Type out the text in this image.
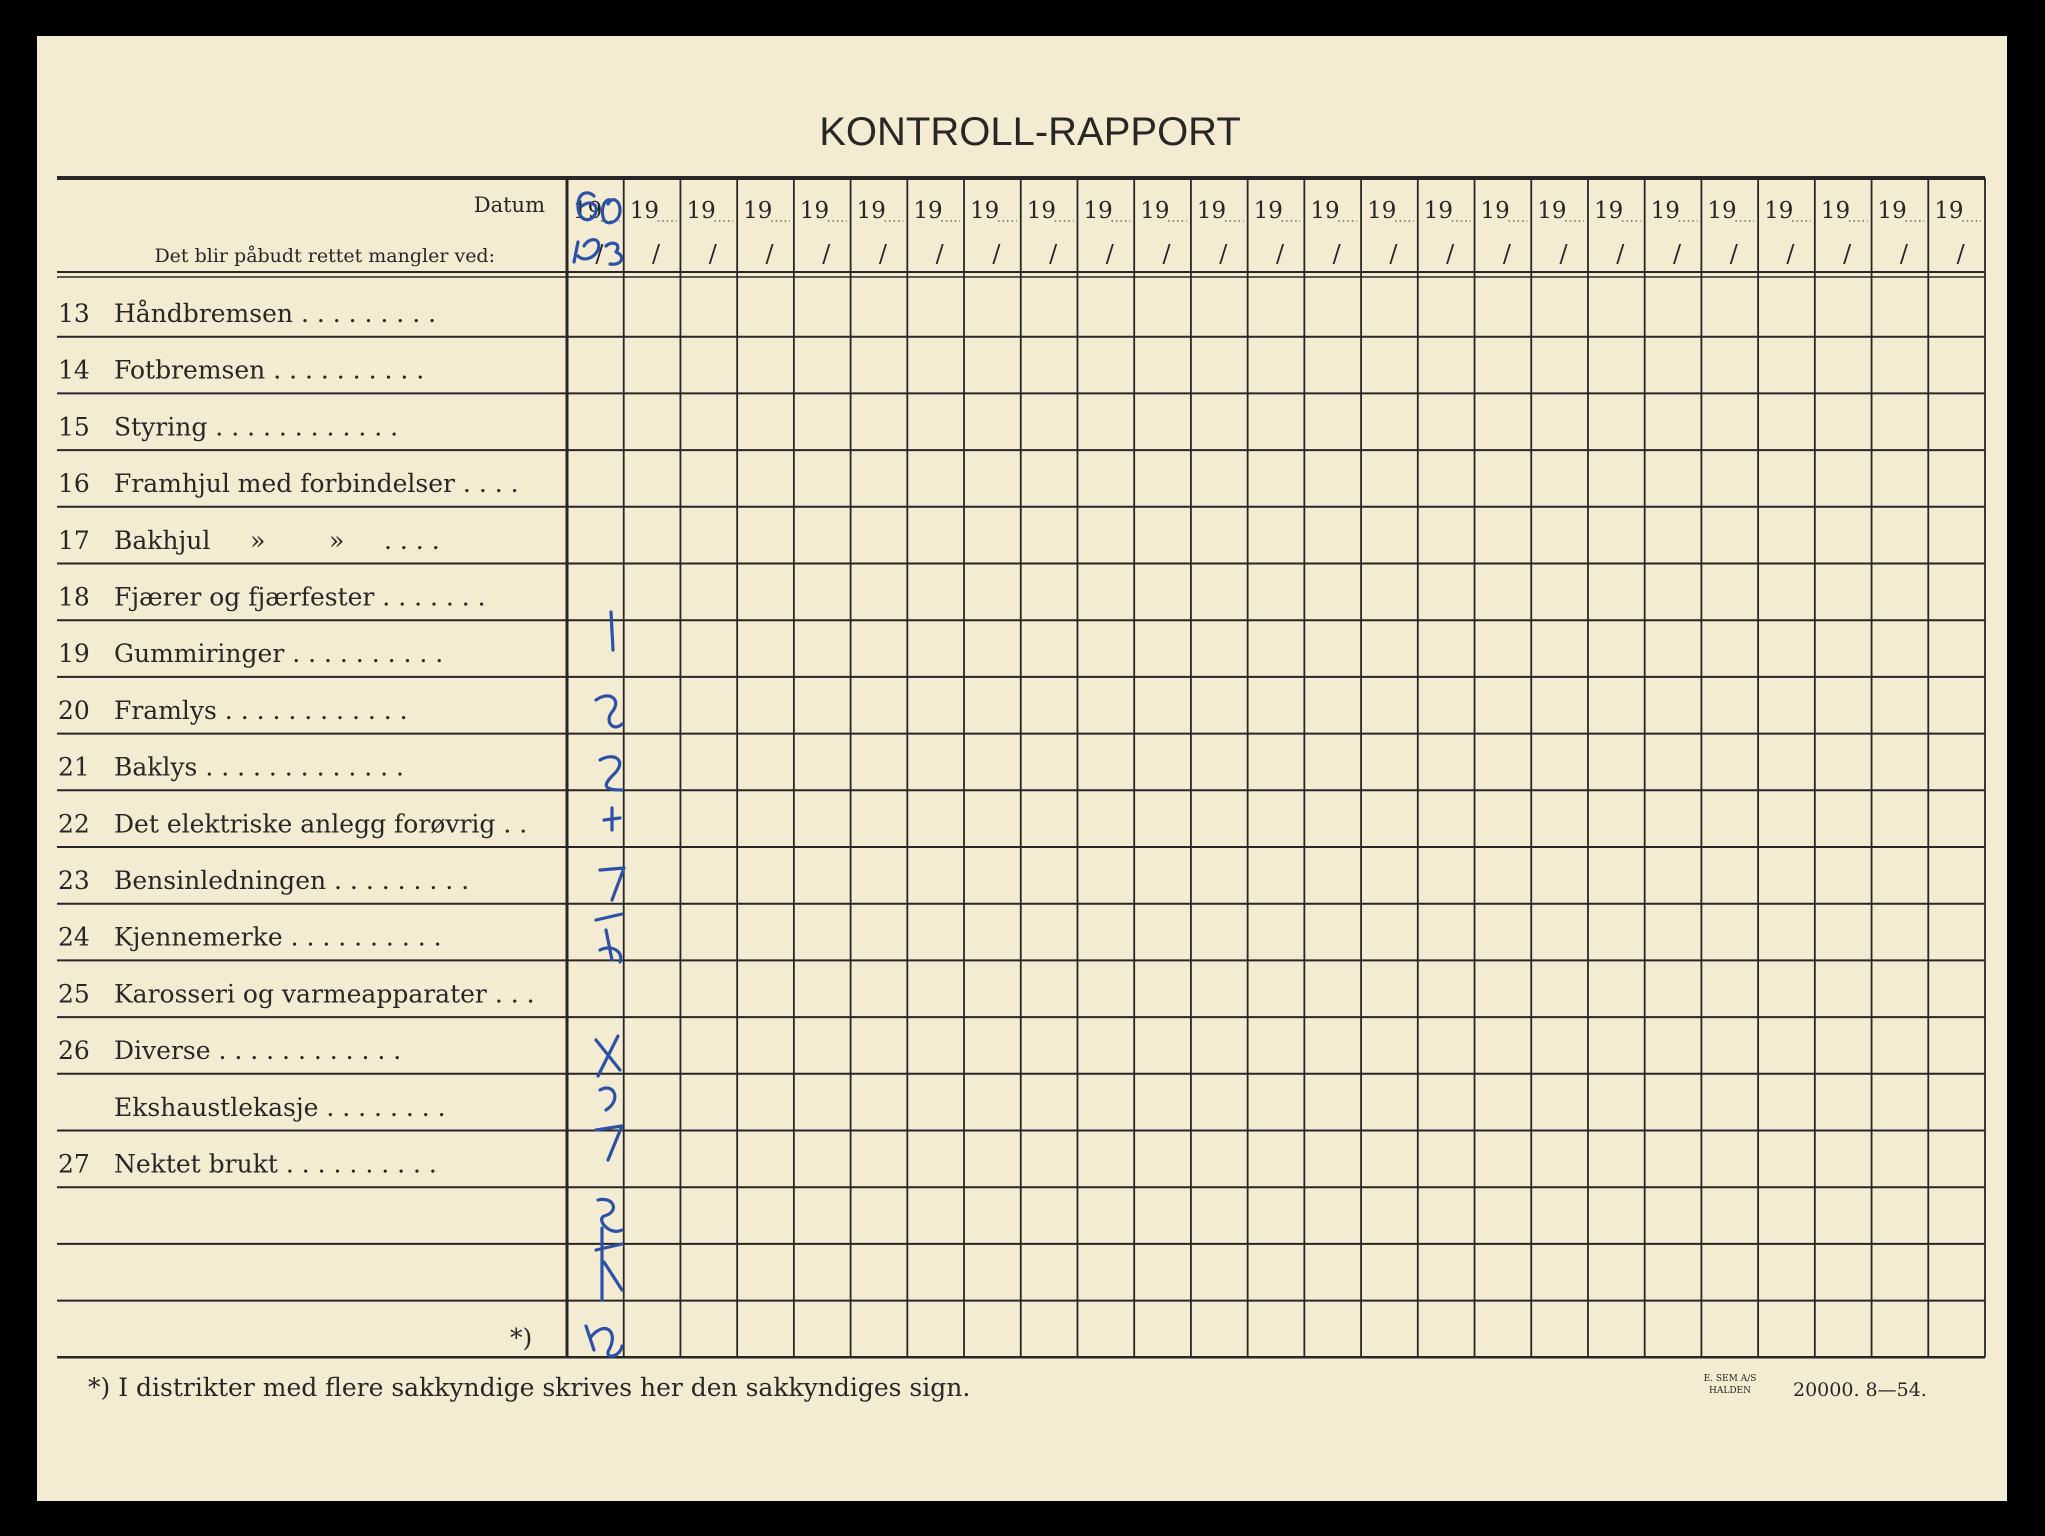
KONTROLL-RAPPORT
Datum
Det blir påbudt rettet mangler ved:
19
/
19
/
19
/
19
/
19
/
19
/
19
/
19
/
19
/
19
/
19
/
19
/
19
/
19
/
19
/
19
/
19
/
19
/
19
/
19
/
19
/
19
/
19
/
19
/
19
/
13 Håndbremsen . . . . . . . . .
14 Fotbremsen . . . . . . . . . .
15 Styring . . . . . . . . . . . .
16 Framhjul med forbindelser . . . .
17 Bakhjul     »        »     . . . .
18 Fjærer og fjærfester . . . . . . .
19 Gummiringer . . . . . . . . . .
20 Framlys . . . . . . . . . . . .
21 Baklys . . . . . . . . . . . . .
22 Det elektriske anlegg forøvrig . .
23 Bensinledningen . . . . . . . . .
24 Kjennemerke . . . . . . . . . .
25 Karosseri og varmeapparater . . .
26 Diverse . . . . . . . . . . . .
Ekshaustlekasje . . . . . . . .
27 Nektet brukt . . . . . . . . . .
*)
*) I distrikter med flere sakkyndige skrives her den sakkyndiges sign.	E. SEM A/S
HALDEN 20000. 8—54.
